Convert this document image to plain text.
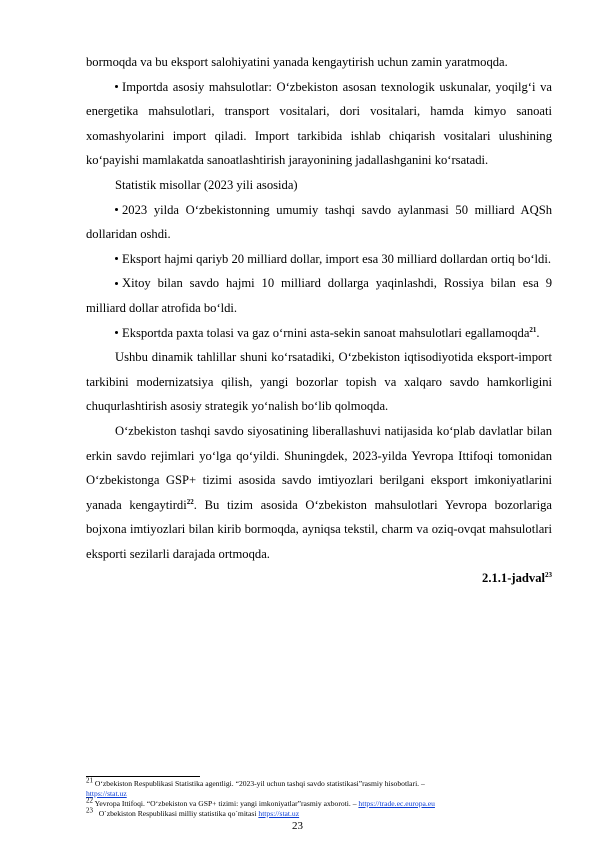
bormoqda va bu eksport salohiyatini yanada kengaytirish uchun zamin yaratmoqda.

Importda asosiy mahsulotlar: O‘zbekiston asosan texnologik uskunalar, yoqilg‘i va energetika mahsulotlari, transport vositalari, dori vositalari, hamda kimyo sanoati xomashyolarini import qiladi. Import tarkibida ishlab chiqarish vositalari ulushining ko‘payishi mamlakatda sanoatlashtirish jarayonining jadallashganini ko‘rsatadi.

Statistik misollar (2023 yili asosida)

2023 yilda O‘zbekistonning umumiy tashqi savdo aylanmasi 50 milliard AQSh dollaridan oshdi.

Eksport hajmi qariyb 20 milliard dollar, import esa 30 milliard dollardan ortiq bo‘ldi.

Xitoy bilan savdo hajmi 10 milliard dollarga yaqinlashdi, Rossiya bilan esa 9 milliard dollar atrofida bo‘ldi.

Eksportda paxta tolasi va gaz o‘rnini asta-sekin sanoat mahsulotlari egallamoqda$^{21}$.

Ushbu dinamik tahlillar shuni ko‘rsatadiki, O‘zbekiston iqtisodiyotida eksport-import tarkibini modernizatsiya qilish, yangi bozorlar topish va xalqaro savdo hamkorligini chuqurlashtirish asosiy strategik yo‘nalish bo‘lib qolmoqda.

O‘zbekiston tashqi savdo siyosatining liberallashuvi natijasida ko‘plab davlatlar bilan erkin savdo rejimlari yo‘lga qo‘yildi. Shuningdek, 2023-yilda Yevropa Ittifoqi tomonidan O‘zbekistonga GSP+ tizimi asosida savdo imtiyozlari berilgani eksport imkoniyatlarini yanada kengaytirdi$^{22}$. Bu tizim asosida O‘zbekiston mahsulotlari Yevropa bozorlariga bojxona imtiyozlari bilan kirib bormoqda, ayniqsa tekstil, charm va oziq-ovqat mahsulotlari eksporti sezilarli darajada ortmoqda.

2.1.1-jadval$^{23}$

$^{21}$ O‘zbekiston Respublikasi Statistika agentligi. “2023-yil uchun tashqi savdo statistikasi”rasmiy hisobotlari. –
https://stat.uz

$^{22}$ Yevropa Ittifoqi. “O‘zbekiston va GSP+ tizimi: yangi imkoniyatlar”rasmiy axboroti. – https://trade.ec.europa.eu

$^{23}$ O`zbekiston Respublikasi milliy statistika qo`mitasi https://stat.uz

23
